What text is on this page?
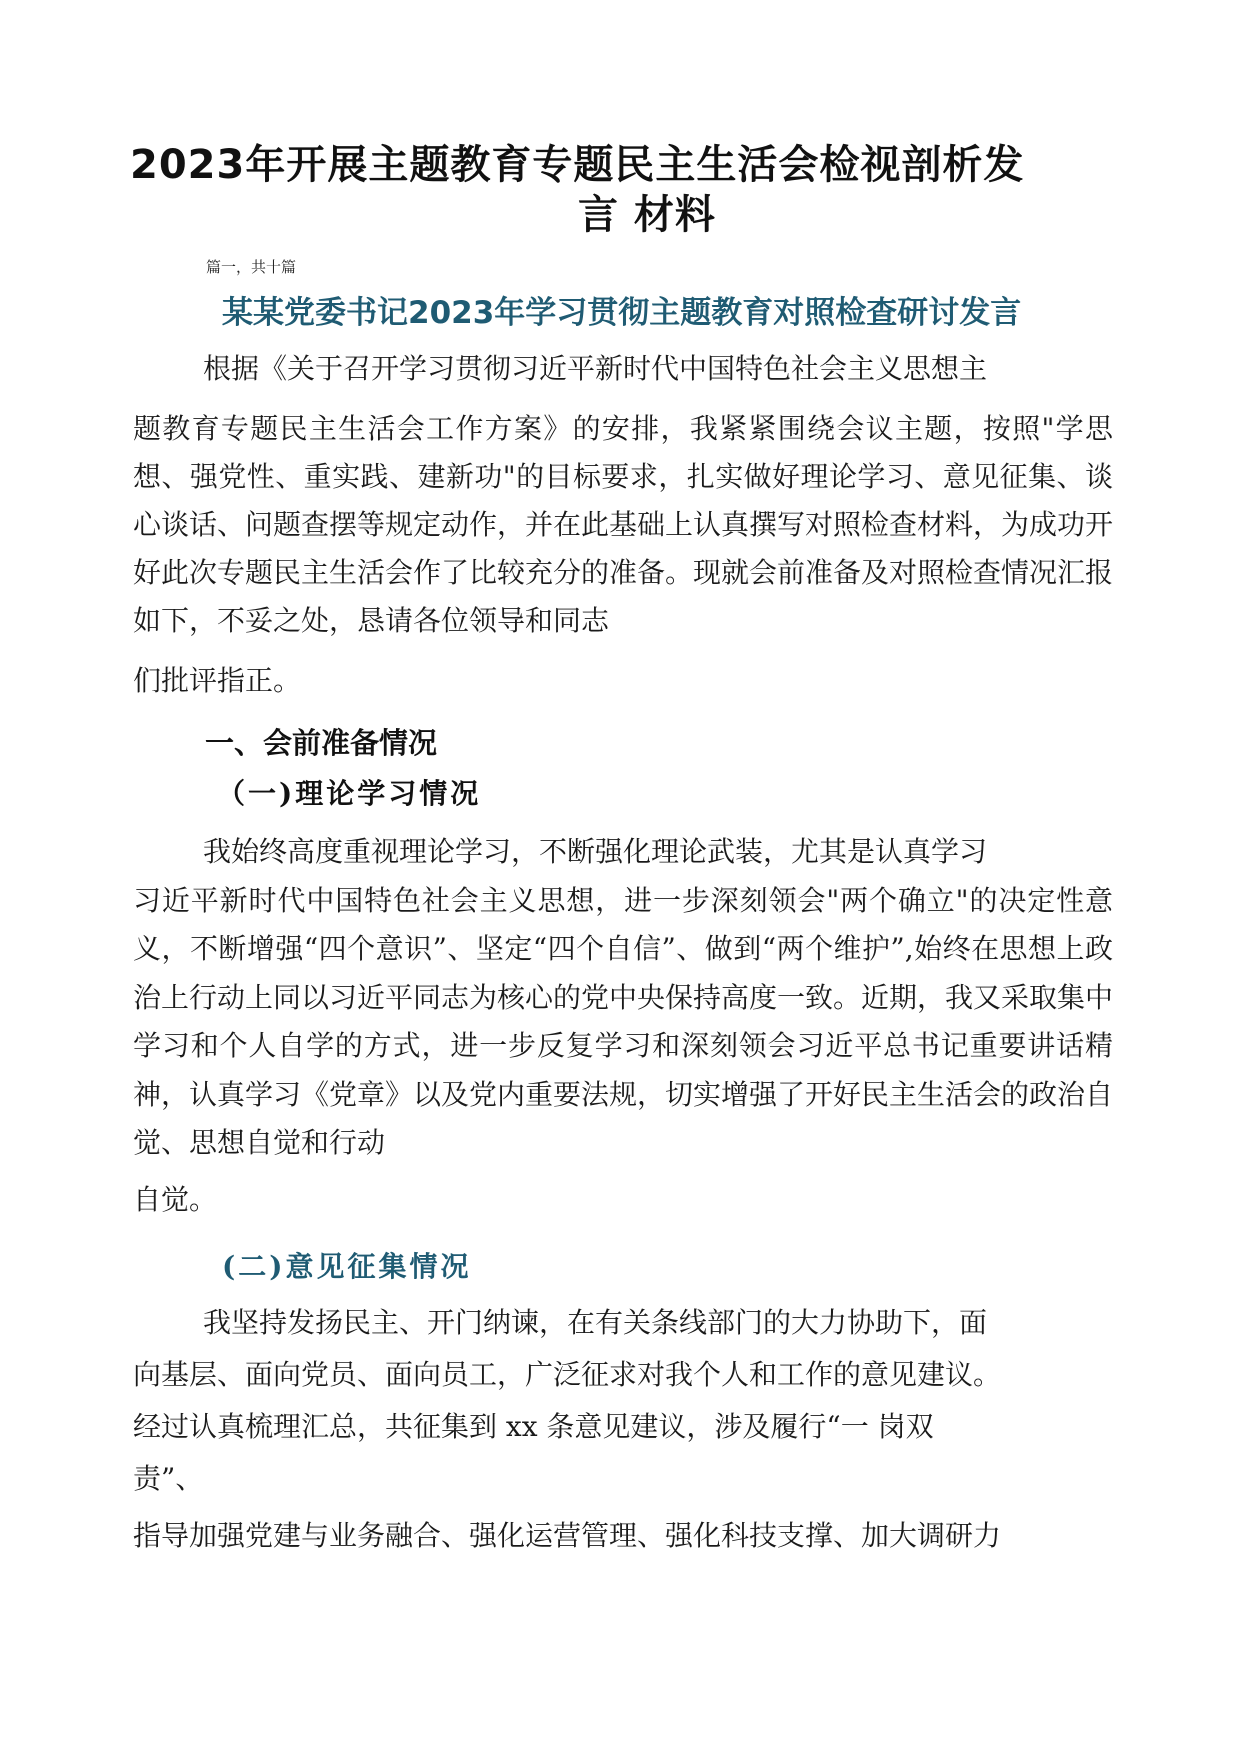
2023年开展主题教育专题民主生活会检视剖析发
言 材料

篇一，共十篇

某某党委书记2023年学习贯彻主题教育对照检查研讨发言

根据《关于召开学习贯彻习近平新时代中国特色社会主义思想主
题教育专题民主生活会工作方案》的安排，我紧紧围绕会议主题，按照"学思想、强党性、重实践、建新功"的目标要求，扎实做好理论学习、意见征集、谈心谈话、问题查摆等规定动作，并在此基础上认真撰写对照检查材料，为成功开好此次专题民主生活会作了比较充分的准备。现就会前准备及对照检查情况汇报如下，不妥之处，恳请各位领导和同志
们批评指正。

一、会前准备情况
（一)理论学习情况

我始终高度重视理论学习，不断强化理论武装，尤其是认真学习
习近平新时代中国特色社会主义思想，进一步深刻领会"两个确立"的决定性意义，不断增强“四个意识”、坚定“四个自信”、做到“两个维护”,始终在思想上政治上行动上同以习近平同志为核心的党中央保持高度一致。近期，我又采取集中学习和个人自学的方式，进一步反复学习和深刻领会习近平总书记重要讲话精神，认真学习《党章》以及党内重要法规，切实增强了开好民主生活会的政治自觉、思想自觉和行动
自觉。

(二)意见征集情况

我坚持发扬民主、开门纳谏，在有关条线部门的大力协助下，面
向基层、面向党员、面向员工，广泛征求对我个人和工作的意见建议。
经过认真梳理汇总，共征集到 xx 条意见建议，涉及履行“一 岗双
责”、

指导加强党建与业务融合、强化运营管理、强化科技支撑、加大调研力
